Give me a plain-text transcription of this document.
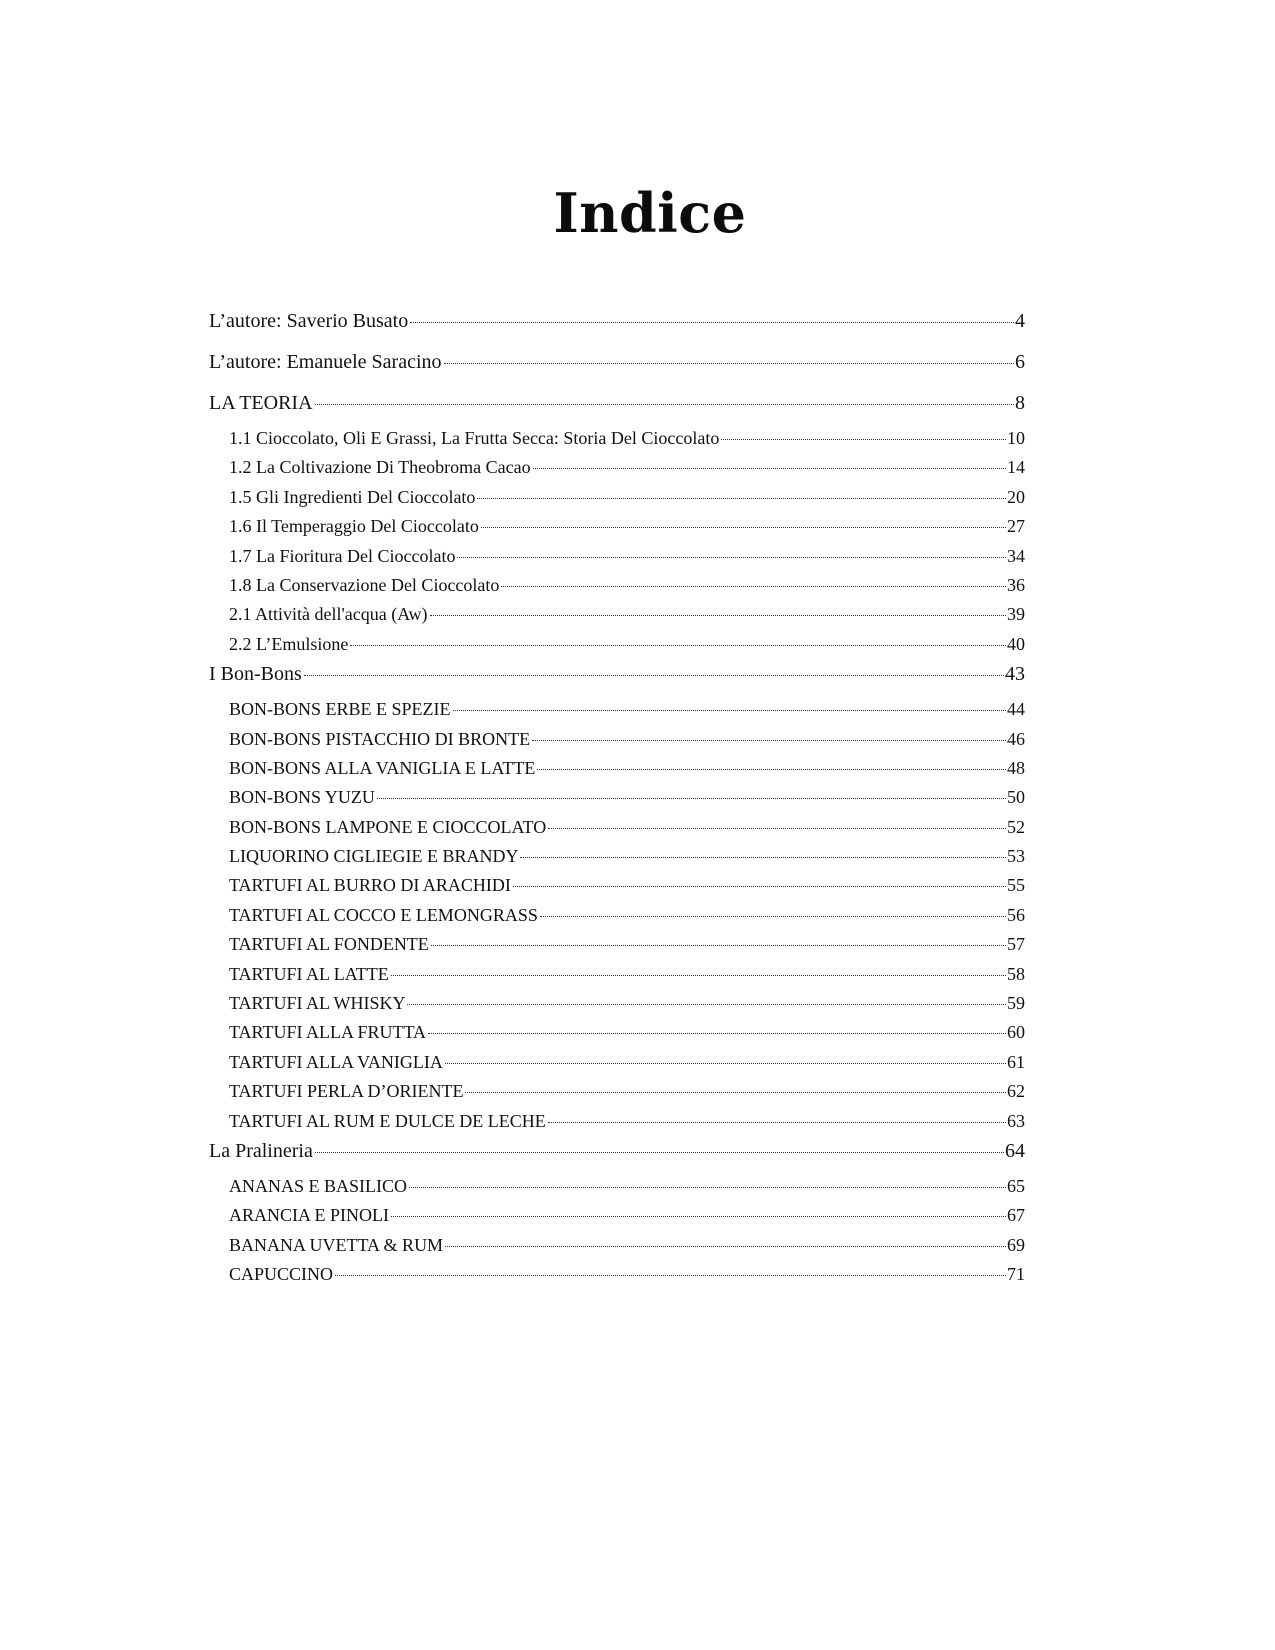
Indice
L’autore: Saverio Busato	4
L’autore: Emanuele Saracino	6
LA TEORIA	8
1.1 Cioccolato, Oli E Grassi, La Frutta Secca: Storia Del Cioccolato	10
1.2 La Coltivazione Di Theobroma Cacao	14
1.5 Gli Ingredienti Del Cioccolato	20
1.6 Il Temperaggio Del Cioccolato	27
1.7 La Fioritura Del Cioccolato	34
1.8 La Conservazione Del Cioccolato	36
2.1 Attività dell'acqua (Aw)	39
2.2 L’Emulsione	40
I Bon-Bons	43
BON-BONS ERBE E SPEZIE	44
BON-BONS PISTACCHIO DI BRONTE	46
BON-BONS ALLA VANIGLIA E LATTE	48
BON-BONS YUZU	50
BON-BONS LAMPONE E CIOCCOLATO	52
LIQUORINO CIGLIEGIE E BRANDY	53
TARTUFI AL BURRO DI ARACHIDI	55
TARTUFI AL COCCO E LEMONGRASS	56
TARTUFI AL FONDENTE	57
TARTUFI AL LATTE	58
TARTUFI AL WHISKY	59
TARTUFI ALLA FRUTTA	60
TARTUFI ALLA VANIGLIA	61
TARTUFI PERLA D’ORIENTE	62
TARTUFI AL RUM E DULCE DE LECHE	63
La Pralineria	64
ANANAS E BASILICO	65
ARANCIA E PINOLI	67
BANANA UVETTA & RUM	69
CAPUCCINO	71
